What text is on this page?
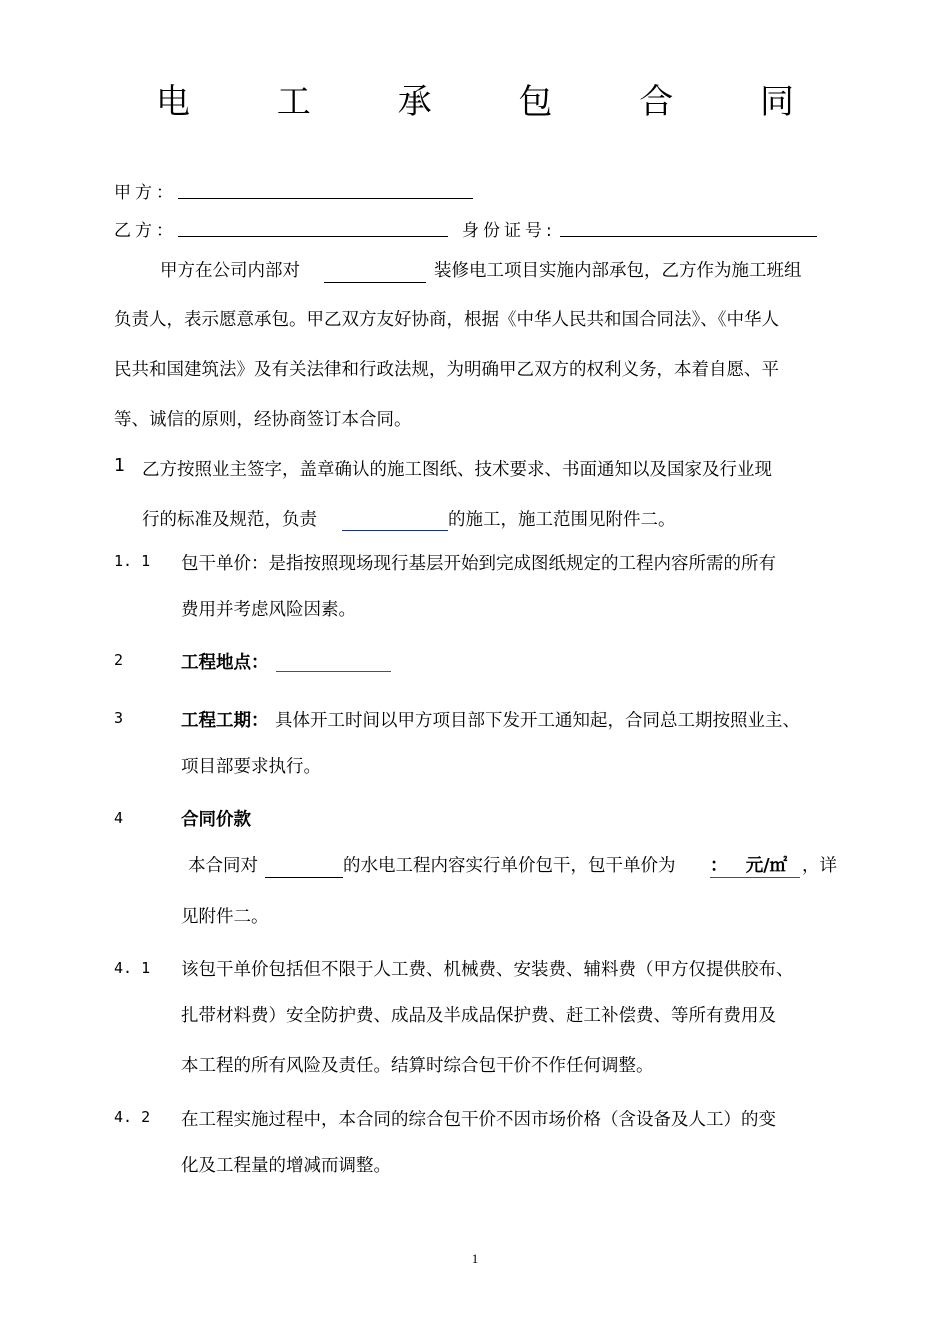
电 工 承 包 合 同
甲方：
乙方：	身份证号:
甲方在公司内部对	装修电工项目实施内部承包，乙方作为施工班组
负责人，表示愿意承包。甲乙双方友好协商，根据《中华人民共和国合同法》、《中华人
民共和国建筑法》及有关法律和行政法规，为明确甲乙双方的权利义务，本着自愿、平
等、诚信的原则，经协商签订本合同。
1 乙方按照业主签字，盖章确认的施工图纸、技术要求、书面通知以及国家及行业现
行的标准及规范，负责	的施工，施工范围见附件二。
1. 1 包干单价：是指按照现场现行基层开始到完成图纸规定的工程内容所需的所有
费用并考虑风险因素。
2	工程地点：
3	工程工期： 具体开工时间以甲方项目部下发开工通知起，合同总工期按照业主、
项目部要求执行。
4	合同价款
本合同对	的水电工程内容实行单价包干，包干单价为 ：   元/㎡ ，详
见附件二。
4. 1 该包干单价包括但不限于人工费、机械费、安装费、辅料费（甲方仅提供胶布、
扎带材料费）安全防护费、成品及半成品保护费、赶工补偿费、等所有费用及
本工程的所有风险及责任。结算时综合包干价不作任何调整。
4. 2 在工程实施过程中，本合同的综合包干价不因市场价格（含设备及人工）的变
化及工程量的增减而调整。
1
